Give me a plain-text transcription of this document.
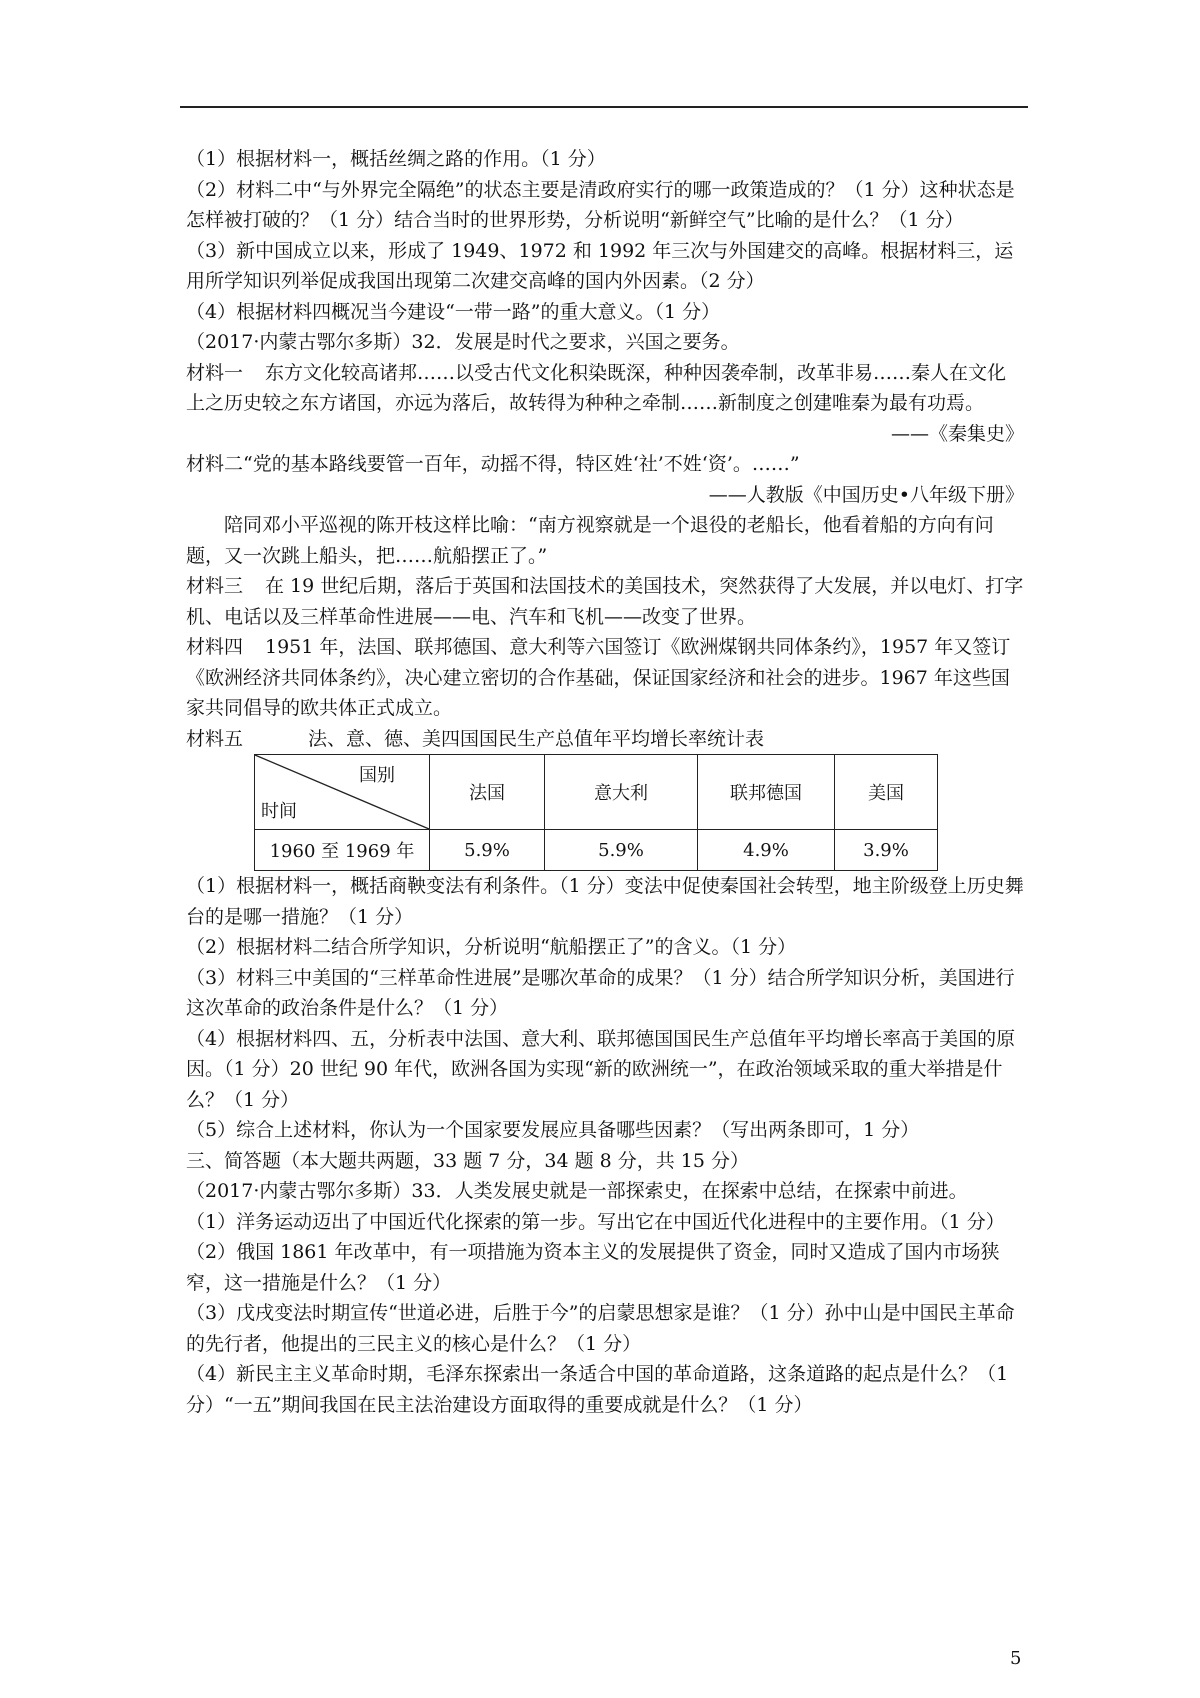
（1）根据材料一，概括丝绸之路的作用。（1 分）

（2）材料二中“与外界完全隔绝”的状态主要是清政府实行的哪一政策造成的？（1 分）这种状态是怎样被打破的？（1 分）结合当时的世界形势，分析说明“新鲜空气”比喻的是什么？（1 分）

（3）新中国成立以来，形成了 1949、1972 和 1992 年三次与外国建交的高峰。根据材料三，运用所学知识列举促成我国出现第二次建交高峰的国内外因素。（2 分）

（4）根据材料四概况当今建设“一带一路”的重大意义。（1 分）

（2017·内蒙古鄂尔多斯）32．发展是时代之要求，兴国之要务。

材料一 东方文化较高诸邦……以受古代文化积染既深，种种因袭牵制，改革非易……秦人在文化上之历史较之东方诸国，亦远为落后，故转得为种种之牵制……新制度之创建唯秦为最有功焉。

——《秦集史》

材料二“党的基本路线要管一百年，动摇不得，特区姓‘社’不姓‘资’。……”

——人教版《中国历史•八年级下册》

陪同邓小平巡视的陈开枝这样比喻：“南方视察就是一个退役的老船长，他看着船的方向有问题，又一次跳上船头，把……航船摆正了。”

材料三 在 19 世纪后期，落后于英国和法国技术的美国技术，突然获得了大发展，并以电灯、打字机、电话以及三样革命性进展——电、汽车和飞机——改变了世界。

材料四 1951 年，法国、联邦德国、意大利等六国签订《欧洲煤钢共同体条约》，1957 年又签订《欧洲经济共同体条约》，决心建立密切的合作基础，保证国家经济和社会的进步。1967 年这些国家共同倡导的欧共体正式成立。

材料五	法、意、德、美四国国民生产总值年平均增长率统计表

国别
时间	法国	意大利	联邦德国	美国
1960 至 1969 年	5.9%	5.9%	4.9%	3.9%

（1）根据材料一，概括商鞅变法有利条件。（1 分）变法中促使秦国社会转型，地主阶级登上历史舞台的是哪一措施？（1 分）

（2）根据材料二结合所学知识，分析说明“航船摆正了”的含义。（1 分）

（3）材料三中美国的“三样革命性进展”是哪次革命的成果？（1 分）结合所学知识分析，美国进行这次革命的政治条件是什么？（1 分）

（4）根据材料四、五，分析表中法国、意大利、联邦德国国民生产总值年平均增长率高于美国的原因。（1 分）20 世纪 90 年代，欧洲各国为实现“新的欧洲统一”，在政治领域采取的重大举措是什么？（1 分）

（5）综合上述材料，你认为一个国家要发展应具备哪些因素？（写出两条即可，1 分）

三、简答题（本大题共两题，33 题 7 分，34 题 8 分，共 15 分）

（2017·内蒙古鄂尔多斯）33．人类发展史就是一部探索史，在探索中总结，在探索中前进。

（1）洋务运动迈出了中国近代化探索的第一步。写出它在中国近代化进程中的主要作用。（1 分）

（2）俄国 1861 年改革中，有一项措施为资本主义的发展提供了资金，同时又造成了国内市场狭窄，这一措施是什么？（1 分）

（3）戊戌变法时期宣传“世道必进，后胜于今”的启蒙思想家是谁？（1 分）孙中山是中国民主革命的先行者，他提出的三民主义的核心是什么？（1 分）

（4）新民主主义革命时期，毛泽东探索出一条适合中国的革命道路，这条道路的起点是什么？（1 分）“一五”期间我国在民主法治建设方面取得的重要成就是什么？（1 分）

5
